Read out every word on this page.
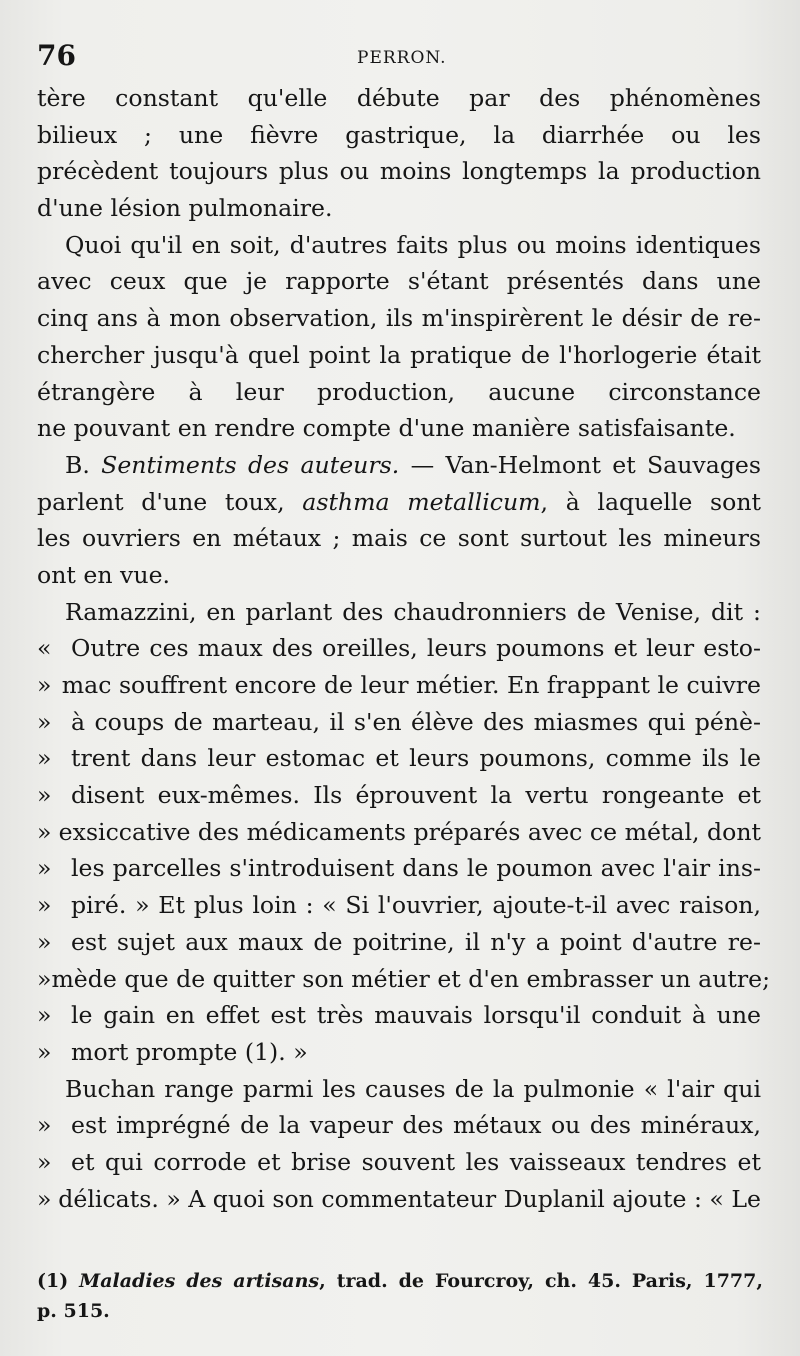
76	PERRON.
tère constant qu'elle débute par des phénomènes
bilieux ; une fièvre gastrique, la diarrhée ou les
précèdent toujours plus ou moins longtemps la production
d'une lésion pulmonaire.
Quoi qu'il en soit, d'autres faits plus ou moins identiques
avec ceux que je rapporte s'étant présentés dans une
cinq ans à mon observation, ils m'inspirèrent le désir de re-
chercher jusqu'à quel point la pratique de l'horlogerie était
étrangère à leur production, aucune circonstance
ne pouvant en rendre compte d'une manière satisfaisante.
B. Sentiments des auteurs. — Van-Helmont et Sauvages
parlent d'une toux, asthma metallicum, à laquelle sont
les ouvriers en métaux ; mais ce sont surtout les mineurs
ont en vue.
Ramazzini, en parlant des chaudronniers de Venise, dit :
« Outre ces maux des oreilles, leurs poumons et leur esto-
» mac souffrent encore de leur métier. En frappant le cuivre
» à coups de marteau, il s'en élève des miasmes qui pénè-
» trent dans leur estomac et leurs poumons, comme ils le
» disent eux-mêmes. Ils éprouvent la vertu rongeante et
» exsiccative des médicaments préparés avec ce métal, dont
» les parcelles s'introduisent dans le poumon avec l'air ins-
» piré. » Et plus loin : « Si l'ouvrier, ajoute-t-il avec raison,
» est sujet aux maux de poitrine, il n'y a point d'autre re-
» mède que de quitter son métier et d'en embrasser un autre;
» le gain en effet est très mauvais lorsqu'il conduit à une
» mort prompte (1). »
Buchan range parmi les causes de la pulmonie « l'air qui
» est imprégné de la vapeur des métaux ou des minéraux,
» et qui corrode et brise souvent les vaisseaux tendres et
» délicats. » A quoi son commentateur Duplanil ajoute : « Le
(1) Maladies des artisans, trad. de Fourcroy, ch. 45. Paris, 1777,
p. 515.
